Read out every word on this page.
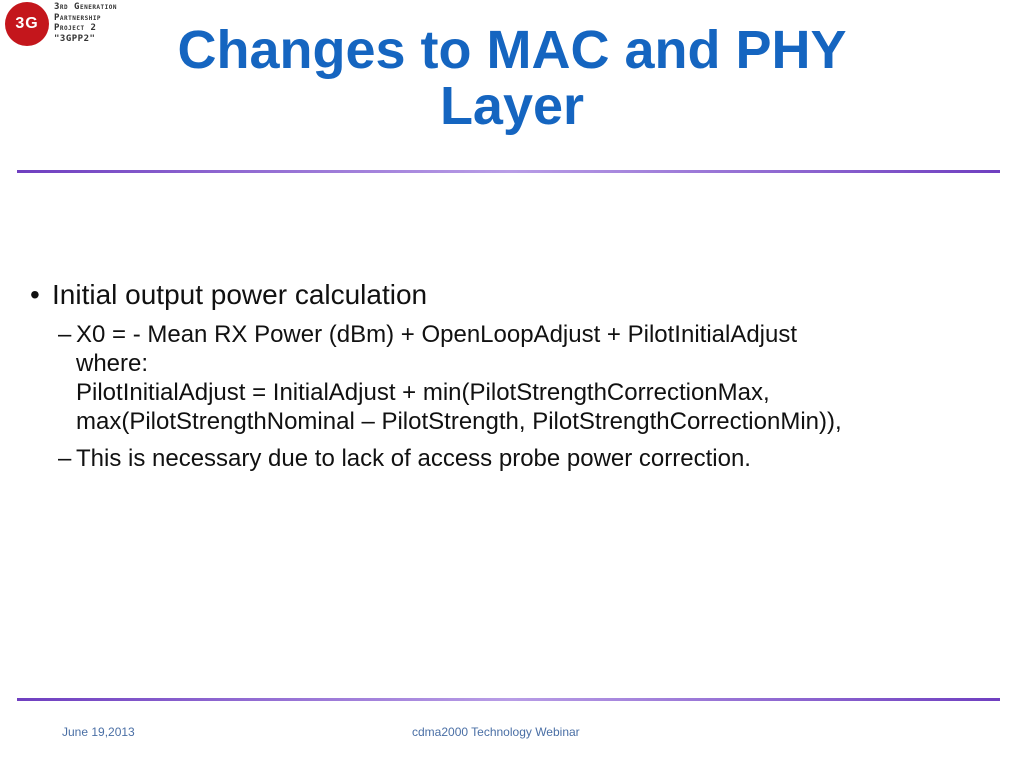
3G
3rd Generation
Partnership
Project 2
"3GPP2"	Changes to MAC and PHY
Layer
• Initial output power calculation
– X0 = - Mean RX Power (dBm) + OpenLoopAdjust + PilotInitialAdjust
where:
PilotInitialAdjust = InitialAdjust + min(PilotStrengthCorrectionMax,
max(PilotStrengthNominal – PilotStrength, PilotStrengthCorrectionMin)),
– This is necessary due to lack of access probe power correction.
June 19,2013	cdma2000 Technology Webinar
